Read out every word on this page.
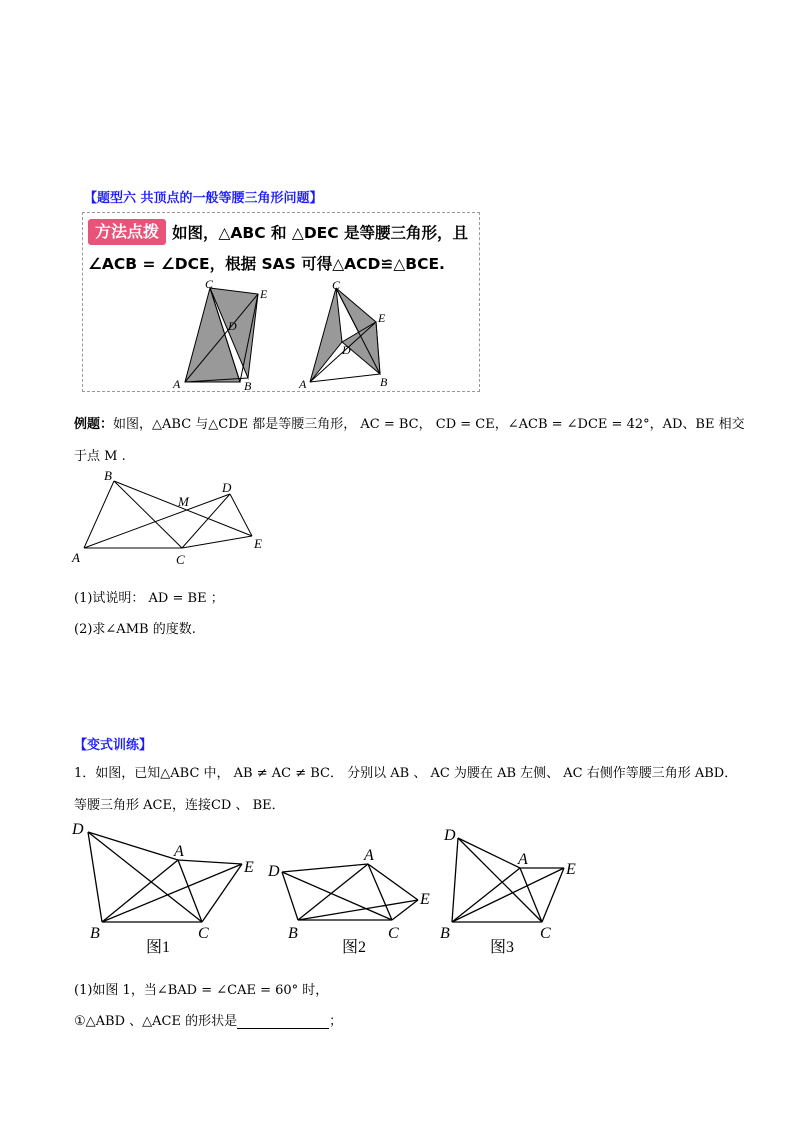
【题型六 共顶点的一般等腰三角形问题】
方法点拨 如图，△ABC 和 △DEC 是等腰三角形，且
∠ACB = ∠DCE，根据 SAS 可得△ACD≌△BCE.
C
E
D
A	B
C
E
D
A	B
例题：如图，△ABC 与△CDE 都是等腰三角形， AC = BC， CD = CE，∠ACB = ∠DCE = 42°，AD、BE 相交
于点 M .
B
M
D
A	C
E
(1)试说明： AD = BE ；
(2)求∠AMB 的度数.
【变式训练】
1．如图，已知△ABC 中， AB ≠ AC ≠ BC． 分别以 AB 、 AC 为腰在 AB 左侧、 AC 右侧作等腰三角形 ABD．
等腰三角形 ACE，连接CD 、 BE．
D
A
E
B	C
图1
D
A
E
B	C
图2
D
A
E
B	C
图3
(1)如图 1，当∠BAD = ∠CAE = 60° 时，
①△ABD 、△ACE 的形状是	；
